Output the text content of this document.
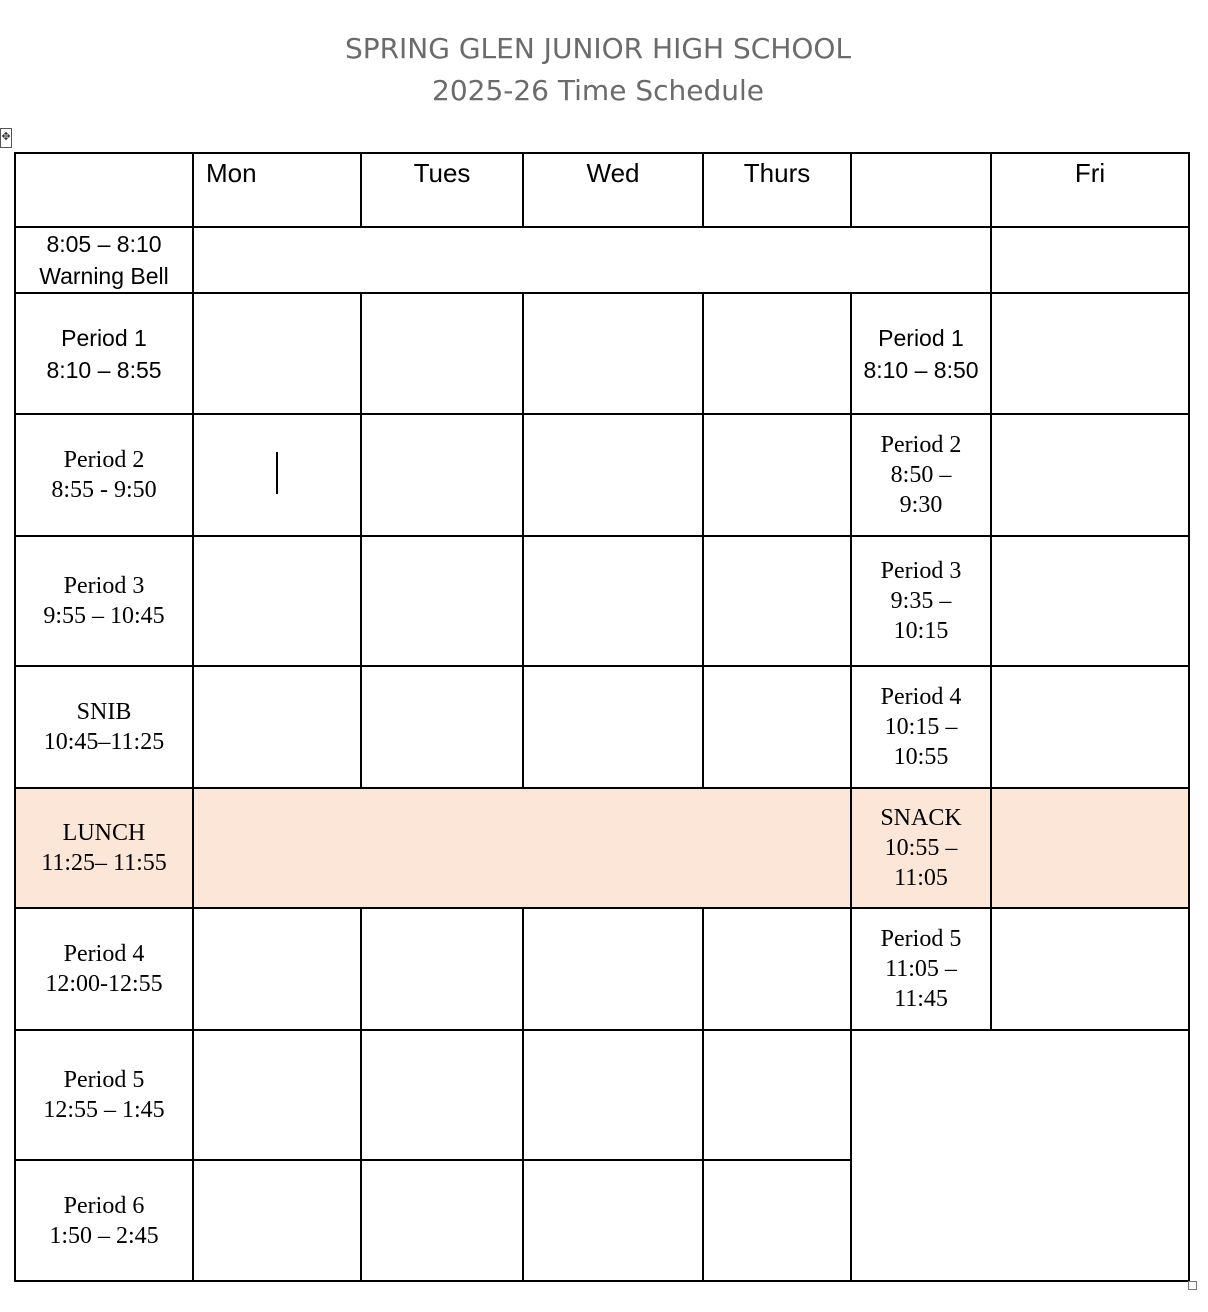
SPRING GLEN JUNIOR HIGH SCHOOL
2025-26 Time Schedule
✥
	Mon	Tues	Wed	Thurs		Fri

8:05 – 8:10
Warning Bell						

Period 1
8:10 – 8:55					Period 1
8:10 – 8:50	

Period 2
8:55 - 9:50					Period 2
8:50 –
9:30	

Period 3
9:55 – 10:45					Period 3
9:35 –
10:15	

SNIB
10:45–11:25					Period 4
10:15 –
10:55	

LUNCH
11:25– 11:55					SNACK
10:55 –
11:05	

Period 4
12:00-12:55					Period 5
11:05 –
11:45	

Period 5
12:55 – 1:45						

Period 6
1:50 – 2:45						
